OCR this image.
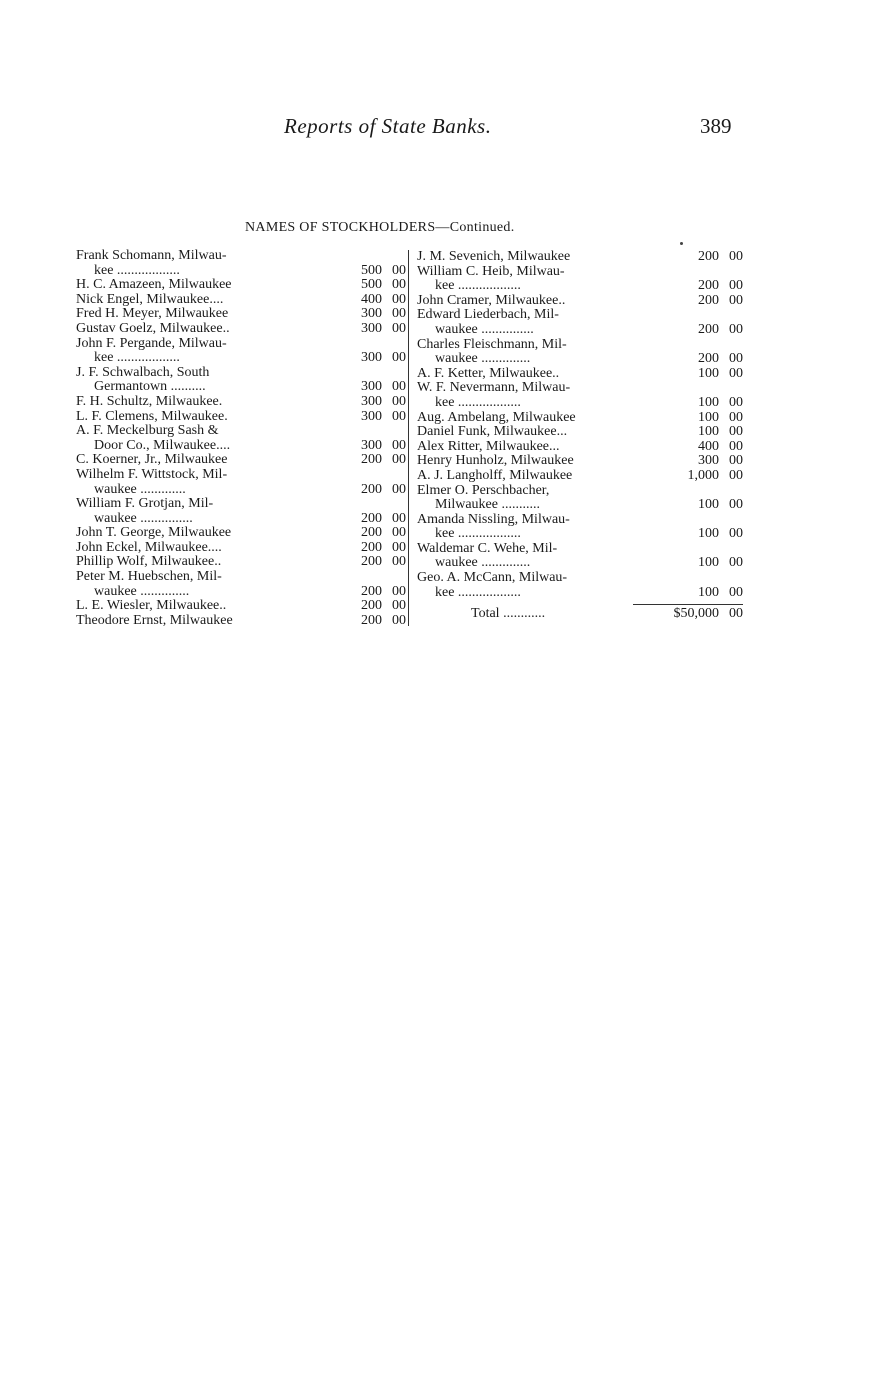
Reports of State Banks.	389
NAMES OF STOCKHOLDERS—Continued.
Frank Schomann, Milwau-
kee ..................	500 00
H. C. Amazeen, Milwaukee	500 00
Nick Engel, Milwaukee....	400 00
Fred H. Meyer, Milwaukee	300 00
Gustav Goelz, Milwaukee..	300 00
John F. Pergande, Milwau-
kee ..................	300 00
J. F. Schwalbach, South
Germantown ..........	300 00
F. H. Schultz, Milwaukee.	300 00
L. F. Clemens, Milwaukee.	300 00
A. F. Meckelburg Sash &
Door Co., Milwaukee....	300 00
C. Koerner, Jr., Milwaukee	200 00
Wilhelm F. Wittstock, Mil-
waukee .............	200 00
William F. Grotjan, Mil-
waukee ...............	200 00
John T. George, Milwaukee	200 00
John Eckel, Milwaukee....	200 00
Phillip Wolf, Milwaukee..	200 00
Peter M. Huebschen, Mil-
waukee ..............	200 00
L. E. Wiesler, Milwaukee..	200 00
Theodore Ernst, Milwaukee	200 00
J. M. Sevenich, Milwaukee	200 00
William C. Heib, Milwau-
kee ..................	200 00
John Cramer, Milwaukee..	200 00
Edward Liederbach, Mil-
waukee ...............	200 00
Charles Fleischmann, Mil-
waukee ..............	200 00
A. F. Ketter, Milwaukee..	100 00
W. F. Nevermann, Milwau-
kee ..................	100 00
Aug. Ambelang, Milwaukee	100 00
Daniel Funk, Milwaukee...	100 00
Alex Ritter, Milwaukee...	400 00
Henry Hunholz, Milwaukee	300 00
A. J. Langholff, Milwaukee	1,000 00
Elmer O. Perschbacher,
Milwaukee ...........	100 00
Amanda Nissling, Milwau-
kee ..................	100 00
Waldemar C. Wehe, Mil-
waukee ..............	100 00
Geo. A. McCann, Milwau-
kee ..................	100 00
Total ............	$50,000 00
